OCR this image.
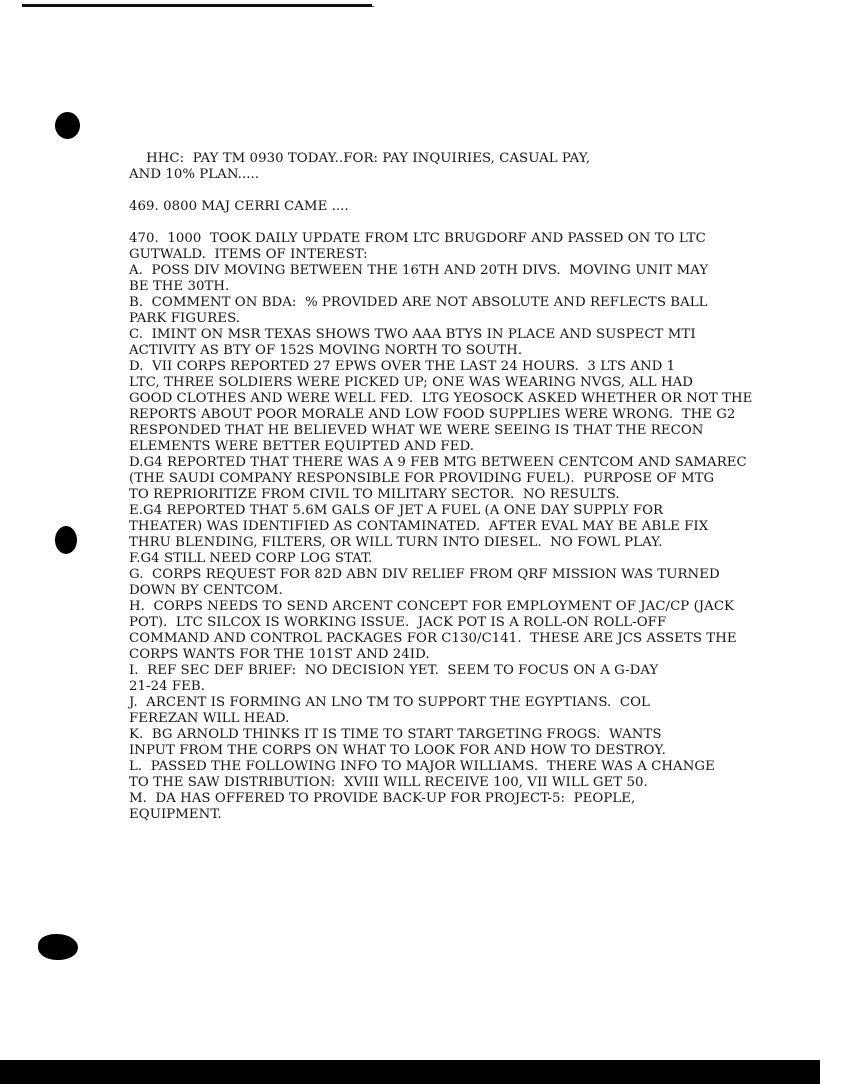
HHC:  PAY TM 0930 TODAY..FOR: PAY INQUIRIES, CASUAL PAY,
AND 10% PLAN.....
469. 0800 MAJ CERRI CAME ....
470.  1000  TOOK DAILY UPDATE FROM LTC BRUGDORF AND PASSED ON TO LTC
GUTWALD.  ITEMS OF INTEREST:
A.  POSS DIV MOVING BETWEEN THE 16TH AND 20TH DIVS.  MOVING UNIT MAY
BE THE 30TH.
B.  COMMENT ON BDA:  % PROVIDED ARE NOT ABSOLUTE AND REFLECTS BALL
PARK FIGURES.
C.  IMINT ON MSR TEXAS SHOWS TWO AAA BTYS IN PLACE AND SUSPECT MTI
ACTIVITY AS BTY OF 152S MOVING NORTH TO SOUTH.
D.  VII CORPS REPORTED 27 EPWS OVER THE LAST 24 HOURS.  3 LTS AND 1
LTC, THREE SOLDIERS WERE PICKED UP; ONE WAS WEARING NVGS, ALL HAD
GOOD CLOTHES AND WERE WELL FED.  LTG YEOSOCK ASKED WHETHER OR NOT THE
REPORTS ABOUT POOR MORALE AND LOW FOOD SUPPLIES WERE WRONG.  THE G2
RESPONDED THAT HE BELIEVED WHAT WE WERE SEEING IS THAT THE RECON
ELEMENTS WERE BETTER EQUIPTED AND FED.
D.G4 REPORTED THAT THERE WAS A 9 FEB MTG BETWEEN CENTCOM AND SAMAREC
(THE SAUDI COMPANY RESPONSIBLE FOR PROVIDING FUEL).  PURPOSE OF MTG
TO REPRIORITIZE FROM CIVIL TO MILITARY SECTOR.  NO RESULTS.
E.G4 REPORTED THAT 5.6M GALS OF JET A FUEL (A ONE DAY SUPPLY FOR
THEATER) WAS IDENTIFIED AS CONTAMINATED.  AFTER EVAL MAY BE ABLE FIX
THRU BLENDING, FILTERS, OR WILL TURN INTO DIESEL.  NO FOWL PLAY.
F.G4 STILL NEED CORP LOG STAT.
G.  CORPS REQUEST FOR 82D ABN DIV RELIEF FROM QRF MISSION WAS TURNED
DOWN BY CENTCOM.
H.  CORPS NEEDS TO SEND ARCENT CONCEPT FOR EMPLOYMENT OF JAC/CP (JACK
POT).  LTC SILCOX IS WORKING ISSUE.  JACK POT IS A ROLL-ON ROLL-OFF
COMMAND AND CONTROL PACKAGES FOR C130/C141.  THESE ARE JCS ASSETS THE
CORPS WANTS FOR THE 101ST AND 24ID.
I.  REF SEC DEF BRIEF:  NO DECISION YET.  SEEM TO FOCUS ON A G-DAY
21-24 FEB.
J.  ARCENT IS FORMING AN LNO TM TO SUPPORT THE EGYPTIANS.  COL
FEREZAN WILL HEAD.
K.  BG ARNOLD THINKS IT IS TIME TO START TARGETING FROGS.  WANTS
INPUT FROM THE CORPS ON WHAT TO LOOK FOR AND HOW TO DESTROY.
L.  PASSED THE FOLLOWING INFO TO MAJOR WILLIAMS.  THERE WAS A CHANGE
TO THE SAW DISTRIBUTION:  XVIII WILL RECEIVE 100, VII WILL GET 50.
M.  DA HAS OFFERED TO PROVIDE BACK-UP FOR PROJECT-5:  PEOPLE,
EQUIPMENT.
